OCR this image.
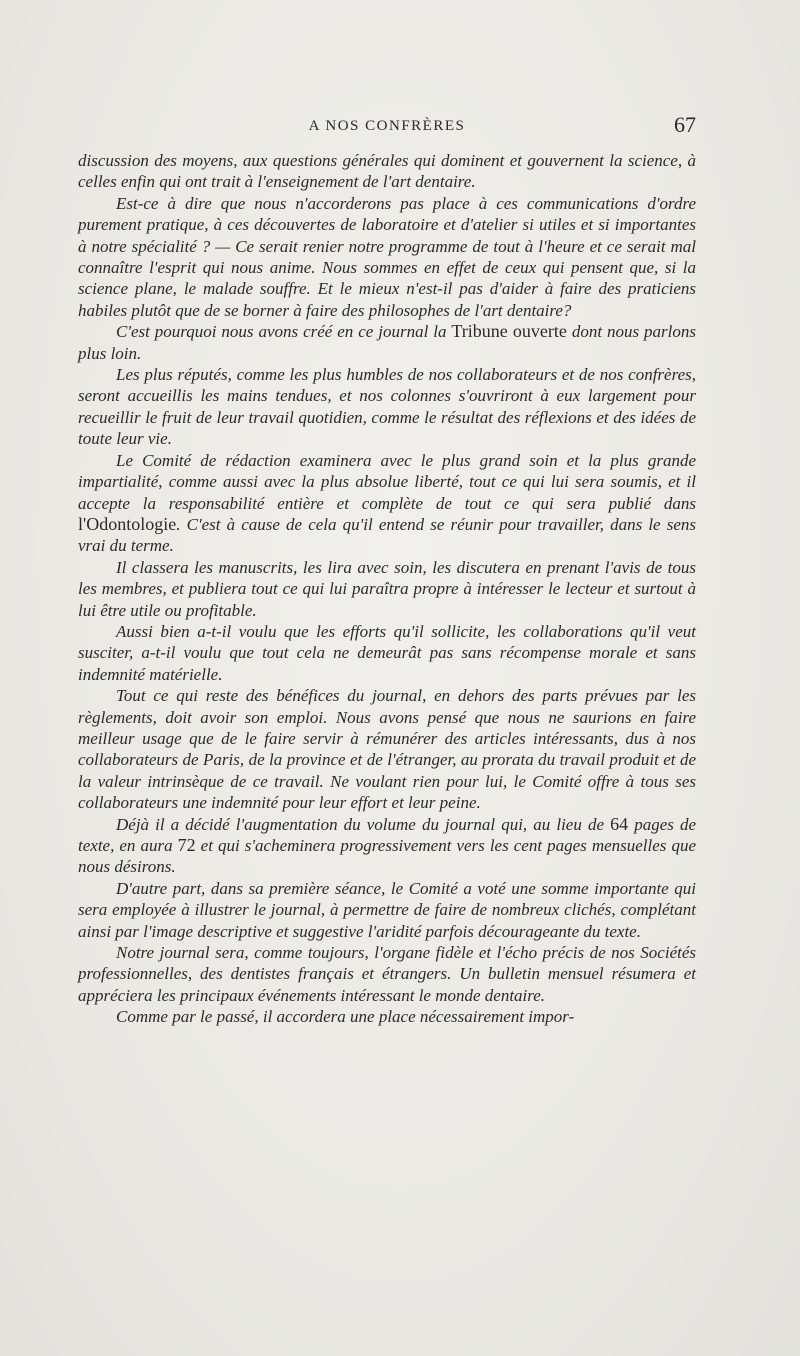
A NOS CONFRÈRES	67

discussion des moyens, aux questions générales qui dominent et gouvernent la science, à celles enfin qui ont trait à l'enseignement de l'art dentaire.

Est-ce à dire que nous n'accorderons pas place à ces communications d'ordre purement pratique, à ces découvertes de laboratoire et d'atelier si utiles et si importantes à notre spécialité ? — Ce serait renier notre programme de tout à l'heure et ce serait mal connaître l'esprit qui nous anime. Nous sommes en effet de ceux qui pensent que, si la science plane, le malade souffre. Et le mieux n'est-il pas d'aider à faire des praticiens habiles plutôt que de se borner à faire des philosophes de l'art dentaire?

C'est pourquoi nous avons créé en ce journal la Tribune ouverte dont nous parlons plus loin.

Les plus réputés, comme les plus humbles de nos collaborateurs et de nos confrères, seront accueillis les mains tendues, et nos colonnes s'ouvriront à eux largement pour recueillir le fruit de leur travail quotidien, comme le résultat des réflexions et des idées de toute leur vie.

Le Comité de rédaction examinera avec le plus grand soin et la plus grande impartialité, comme aussi avec la plus absolue liberté, tout ce qui lui sera soumis, et il accepte la responsabilité entière et complète de tout ce qui sera publié dans l'Odontologie. C'est à cause de cela qu'il entend se réunir pour travailler, dans le sens vrai du terme.

Il classera les manuscrits, les lira avec soin, les discutera en prenant l'avis de tous les membres, et publiera tout ce qui lui paraîtra propre à intéresser le lecteur et surtout à lui être utile ou profitable.

Aussi bien a-t-il voulu que les efforts qu'il sollicite, les collaborations qu'il veut susciter, a-t-il voulu que tout cela ne demeurât pas sans récompense morale et sans indemnité matérielle.

Tout ce qui reste des bénéfices du journal, en dehors des parts prévues par les règlements, doit avoir son emploi. Nous avons pensé que nous ne saurions en faire meilleur usage que de le faire servir à rémunérer des articles intéressants, dus à nos collaborateurs de Paris, de la province et de l'étranger, au prorata du travail produit et de la valeur intrinsèque de ce travail. Ne voulant rien pour lui, le Comité offre à tous ses collaborateurs une indemnité pour leur effort et leur peine.

Déjà il a décidé l'augmentation du volume du journal qui, au lieu de 64 pages de texte, en aura 72 et qui s'acheminera progressivement vers les cent pages mensuelles que nous désirons.

D'autre part, dans sa première séance, le Comité a voté une somme importante qui sera employée à illustrer le journal, à permettre de faire de nombreux clichés, complétant ainsi par l'image descriptive et suggestive l'aridité parfois décourageante du texte.

Notre journal sera, comme toujours, l'organe fidèle et l'écho précis de nos Sociétés professionnelles, des dentistes français et étrangers. Un bulletin mensuel résumera et appréciera les principaux événements intéressant le monde dentaire.

Comme par le passé, il accordera une place nécessairement impor-
